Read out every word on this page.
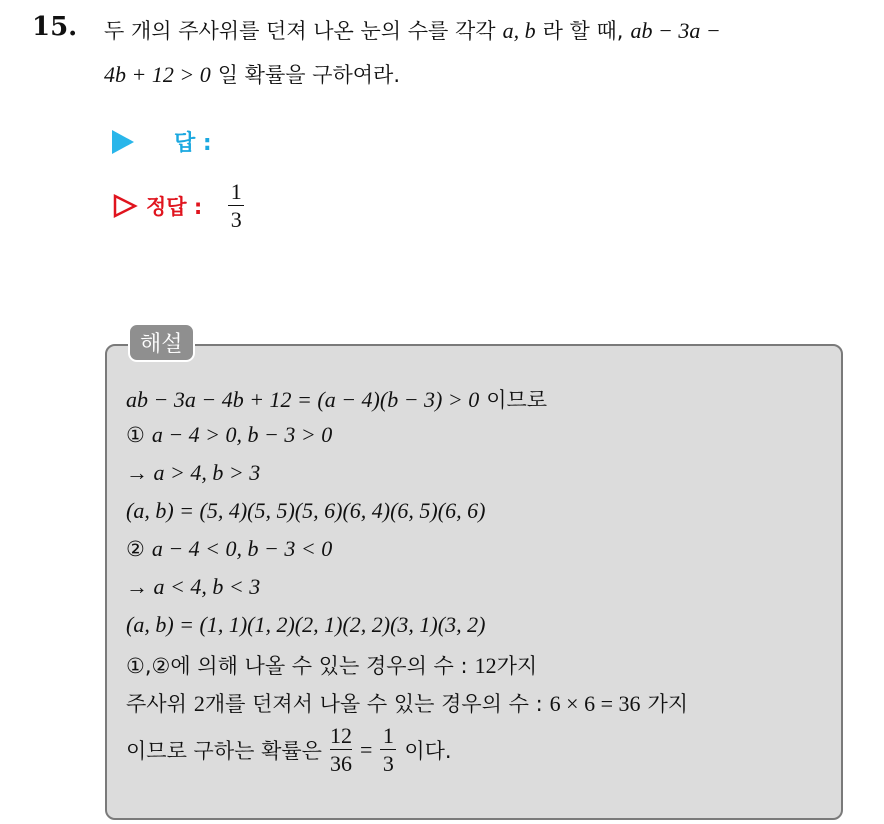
15. 두 개의 주사위를 던져 나온 눈의 수를 각각 a, b 라 할 때, ab − 3a −
4b + 12 > 0 일 확률을 구하여라.
답 :
정답 : $\frac{1}{3}$
해설
ab − 3a − 4b + 12 = (a − 4)(b − 3) > 0 이므로
① a − 4 > 0, b − 3 > 0
→ a > 4, b > 3
(a, b) = (5, 4)(5, 5)(5, 6)(6, 4)(6, 5)(6, 6)
② a − 4 < 0, b − 3 < 0
→ a < 4, b < 3
(a, b) = (1, 1)(1, 2)(2, 1)(2, 2)(3, 1)(3, 2)
①,②에 의해 나올 수 있는 경우의 수 : 12가지
주사위 2개를 던져서 나올 수 있는 경우의 수 : 6 × 6 = 36 가지
이므로 구하는 확률은 $\frac{12}{36} = \frac{1}{3}$ 이다.
